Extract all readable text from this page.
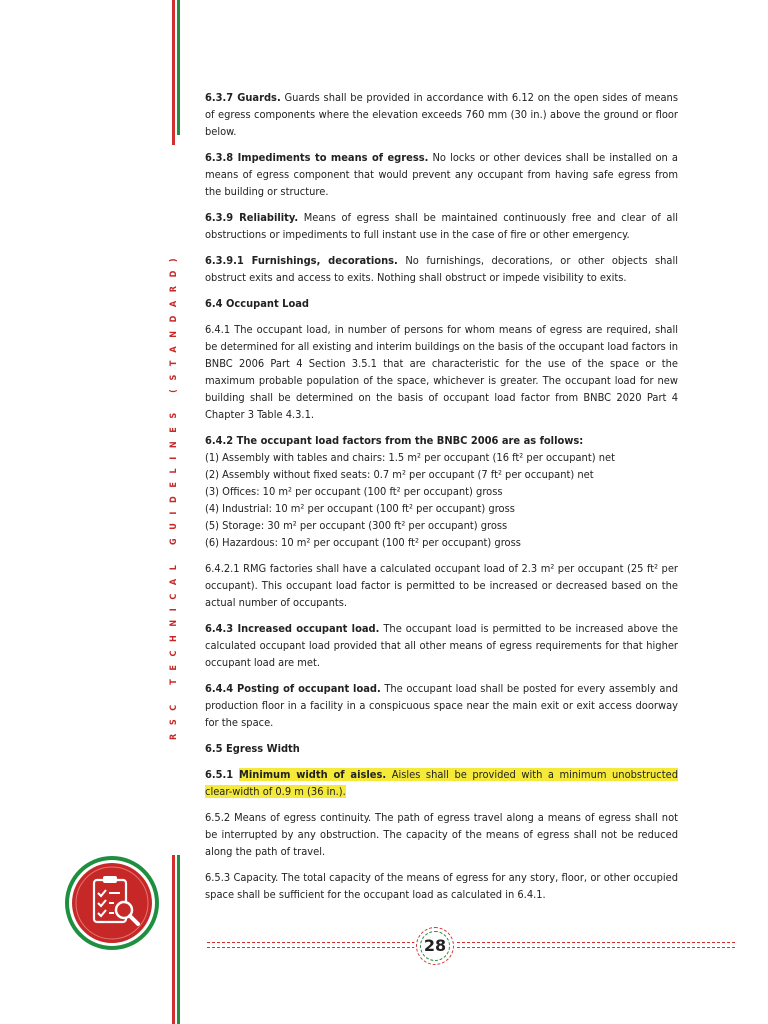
RSC TECHNICAL GUIDELINES (STANDARD)

6.3.7 Guards. Guards shall be provided in accordance with 6.12 on the open sides of means of egress components where the elevation exceeds 760 mm (30 in.) above the ground or floor below.

6.3.8 Impediments to means of egress. No locks or other devices shall be installed on a means of egress component that would prevent any occupant from having safe egress from the building or structure.

6.3.9 Reliability. Means of egress shall be maintained continuously free and clear of all obstructions or impediments to full instant use in the case of fire or other emergency.

6.3.9.1 Furnishings, decorations. No furnishings, decorations, or other objects shall obstruct exits and access to exits. Nothing shall obstruct or impede visibility to exits.

6.4 Occupant Load

6.4.1 The occupant load, in number of persons for whom means of egress are required, shall be determined for all existing and interim buildings on the basis of the occupant load factors in BNBC 2006 Part 4 Section 3.5.1 that are characteristic for the use of the space or the maximum probable population of the space, whichever is greater. The occupant load for new building shall be determined on the basis of occupant load factor from BNBC 2020 Part 4 Chapter 3 Table 4.3.1.

6.4.2 The occupant load factors from the BNBC 2006 are as follows:
(1) Assembly with tables and chairs: 1.5 m² per occupant (16 ft² per occupant) net
(2) Assembly without fixed seats: 0.7 m² per occupant (7 ft² per occupant) net
(3) Offices: 10 m² per occupant (100 ft² per occupant) gross
(4) Industrial: 10 m² per occupant (100 ft² per occupant) gross
(5) Storage: 30 m² per occupant (300 ft² per occupant) gross
(6) Hazardous: 10 m² per occupant (100 ft² per occupant) gross

6.4.2.1 RMG factories shall have a calculated occupant load of 2.3 m² per occupant (25 ft² per occupant). This occupant load factor is permitted to be increased or decreased based on the actual number of occupants.

6.4.3 Increased occupant load. The occupant load is permitted to be increased above the calculated occupant load provided that all other means of egress requirements for that higher occupant load are met.

6.4.4 Posting of occupant load. The occupant load shall be posted for every assembly and production floor in a facility in a conspicuous space near the main exit or exit access doorway for the space.

6.5 Egress Width

6.5.1 Minimum width of aisles. Aisles shall be provided with a minimum unobstructed clear-width of 0.9 m (36 in.).

6.5.2 Means of egress continuity. The path of egress travel along a means of egress shall not be interrupted by any obstruction. The capacity of the means of egress shall not be reduced along the path of travel.

6.5.3 Capacity. The total capacity of the means of egress for any story, floor, or other occupied space shall be sufficient for the occupant load as calculated in 6.4.1.

28
